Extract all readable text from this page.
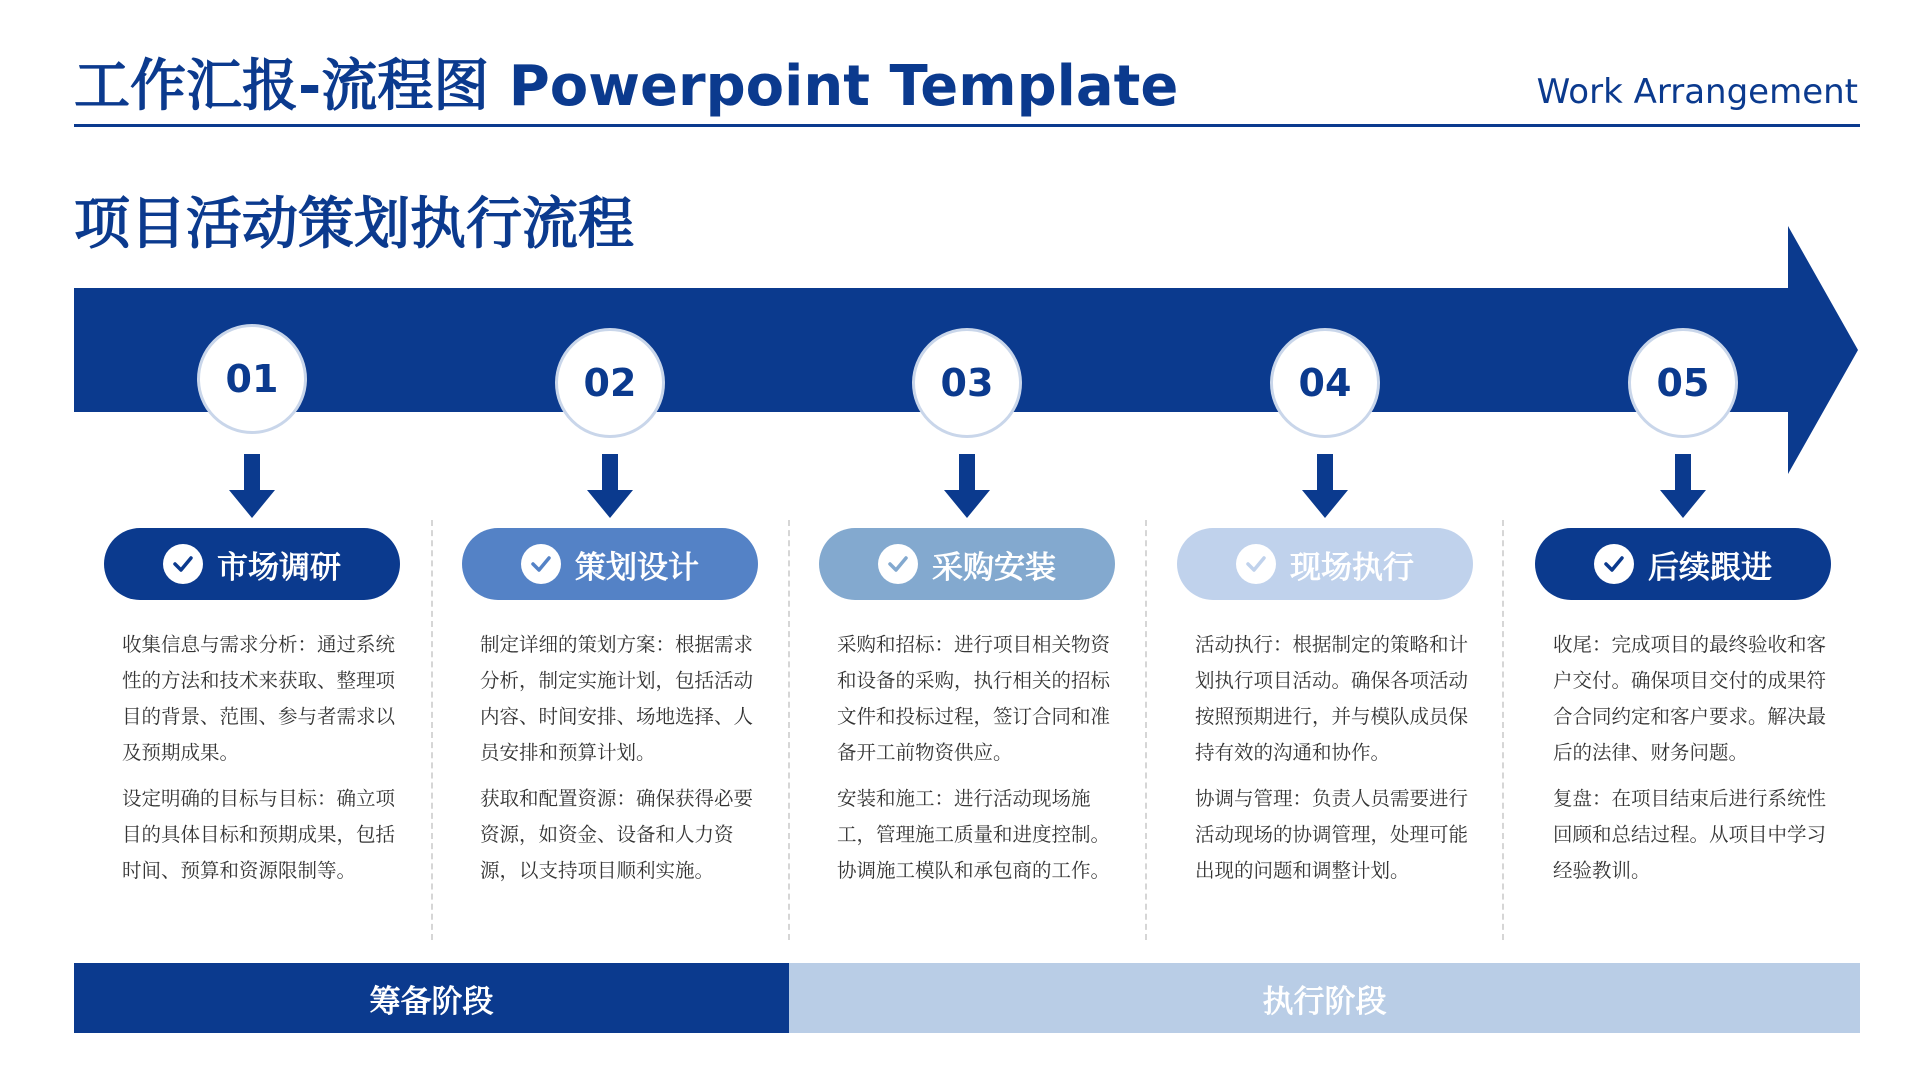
工作汇报-流程图 Powerpoint Template	Work Arrangement
项目活动策划执行流程
01
市场调研

收集信息与需求分析：通过系统性的方法和技术来获取、整理项目的背景、范围、参与者需求以及预期成果。

设定明确的目标与目标：确立项目的具体目标和预期成果，包括时间、预算和资源限制等。

02
策划设计

制定详细的策划方案：根据需求分析，制定实施计划，包括活动内容、时间安排、场地选择、人员安排和预算计划。

获取和配置资源：确保获得必要资源，如资金、设备和人力资源，以支持项目顺利实施。

03
采购安装

采购和招标：进行项目相关物资和设备的采购，执行相关的招标文件和投标过程，签订合同和准备开工前物资供应。

安装和施工：进行活动现场施工，管理施工质量和进度控制。协调施工模队和承包商的工作。

04
现场执行

活动执行：根据制定的策略和计划执行项目活动。确保各项活动按照预期进行，并与模队成员保持有效的沟通和协作。

协调与管理：负责人员需要进行活动现场的协调管理，处理可能出现的问题和调整计划。

05
后续跟进

收尾：完成项目的最终验收和客户交付。确保项目交付的成果符合合同约定和客户要求。解决最后的法律、财务问题。

复盘：在项目结束后进行系统性回顾和总结过程。从项目中学习经验教训。

筹备阶段	执行阶段
